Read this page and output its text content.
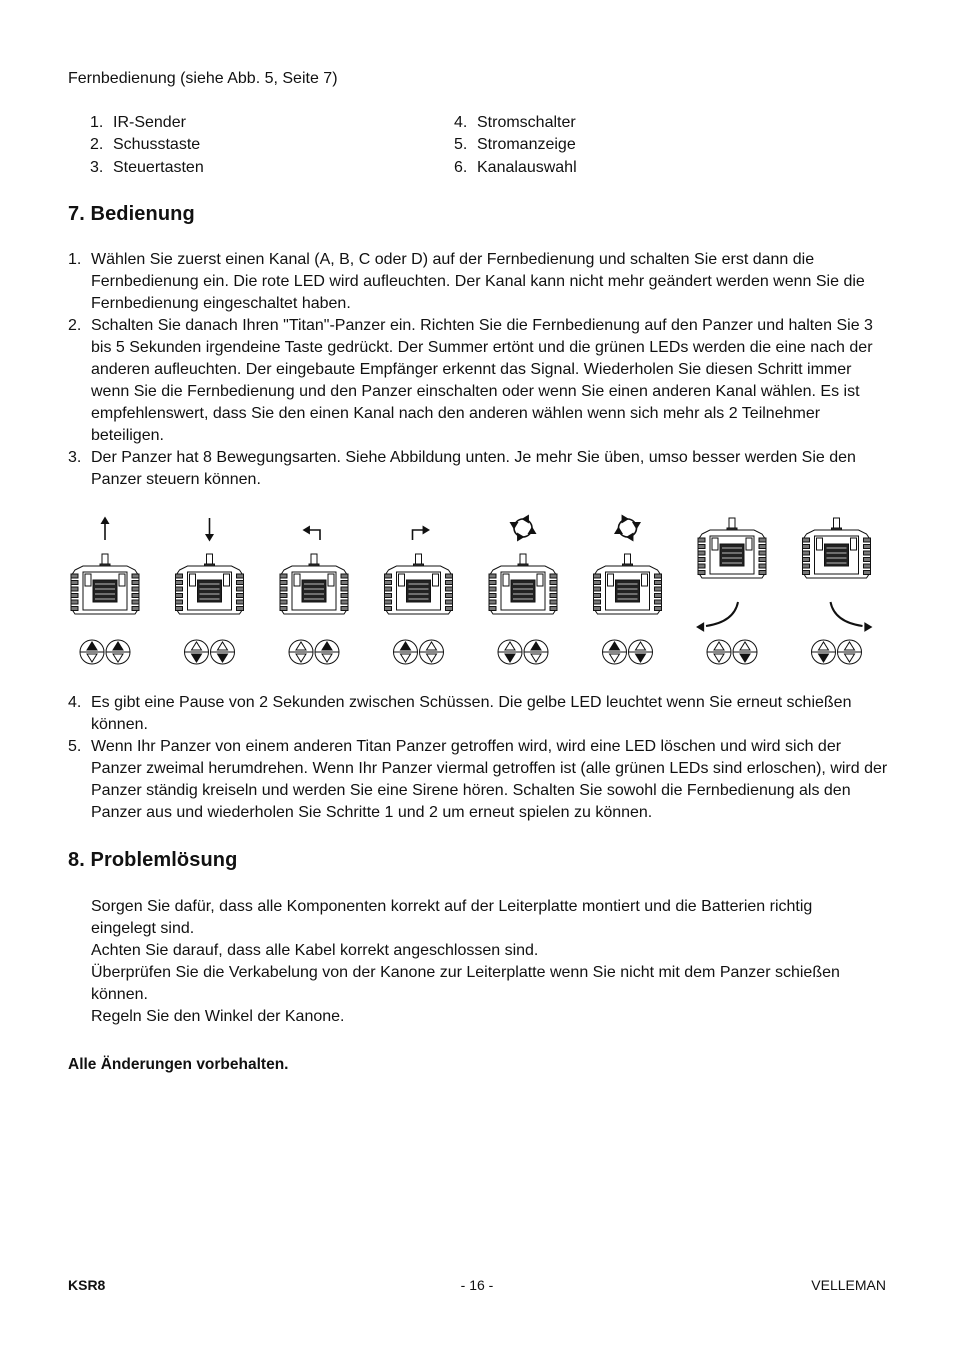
Fernbedienung (siehe Abb. 5, Seite 7)
1. IR-Sender
2. Schusstaste
3. Steuertasten
4. Stromschalter
5. Stromanzeige
6. Kanalauswahl
7. Bedienung
1. Wählen Sie zuerst einen Kanal (A, B, C oder D) auf der Fernbedienung und schalten Sie erst dann die Fernbedienung ein. Die rote LED wird aufleuchten. Der Kanal kann nicht mehr geändert werden wenn Sie die Fernbedienung eingeschaltet haben.
2. Schalten Sie danach Ihren "Titan"-Panzer ein. Richten Sie die Fernbedienung auf den Panzer und halten Sie 3 bis 5 Sekunden irgendeine Taste gedrückt. Der Summer ertönt und die grünen LEDs werden die eine nach der anderen aufleuchten. Der eingebaute Empfänger erkennt das Signal. Wiederholen Sie diesen Schritt immer wenn Sie die Fernbedienung und den Panzer einschalten oder wenn Sie einen anderen Kanal wählen. Es ist empfehlenswert, dass Sie den einen Kanal nach den anderen wählen wenn sich mehr als 2 Teilnehmer beteiligen.
3. Der Panzer hat 8 Bewegungsarten. Siehe Abbildung unten. Je mehr Sie üben, umso besser werden Sie den Panzer steuern können.
4. Es gibt eine Pause von 2 Sekunden zwischen Schüssen. Die gelbe LED leuchtet wenn Sie erneut schießen können.
5. Wenn Ihr Panzer von einem anderen Titan Panzer getroffen wird, wird eine LED löschen und wird sich der Panzer zweimal herumdrehen. Wenn Ihr Panzer viermal getroffen ist (alle grünen LEDs sind erloschen), wird der Panzer ständig kreiseln und werden Sie eine Sirene hören. Schalten Sie sowohl die Fernbedienung als den Panzer aus und wiederholen Sie Schritte 1 und 2 um erneut spielen zu können.
8. Problemlösung

Sorgen Sie dafür, dass alle Komponenten korrekt auf der Leiterplatte montiert und die Batterien richtig eingelegt sind.

Achten Sie darauf, dass alle Kabel korrekt angeschlossen sind.

Überprüfen Sie die Verkabelung von der Kanone zur Leiterplatte wenn Sie nicht mit dem Panzer schießen können.

Regeln Sie den Winkel der Kanone.

Alle Änderungen vorbehalten.
KSR8	- 16 -	VELLEMAN
